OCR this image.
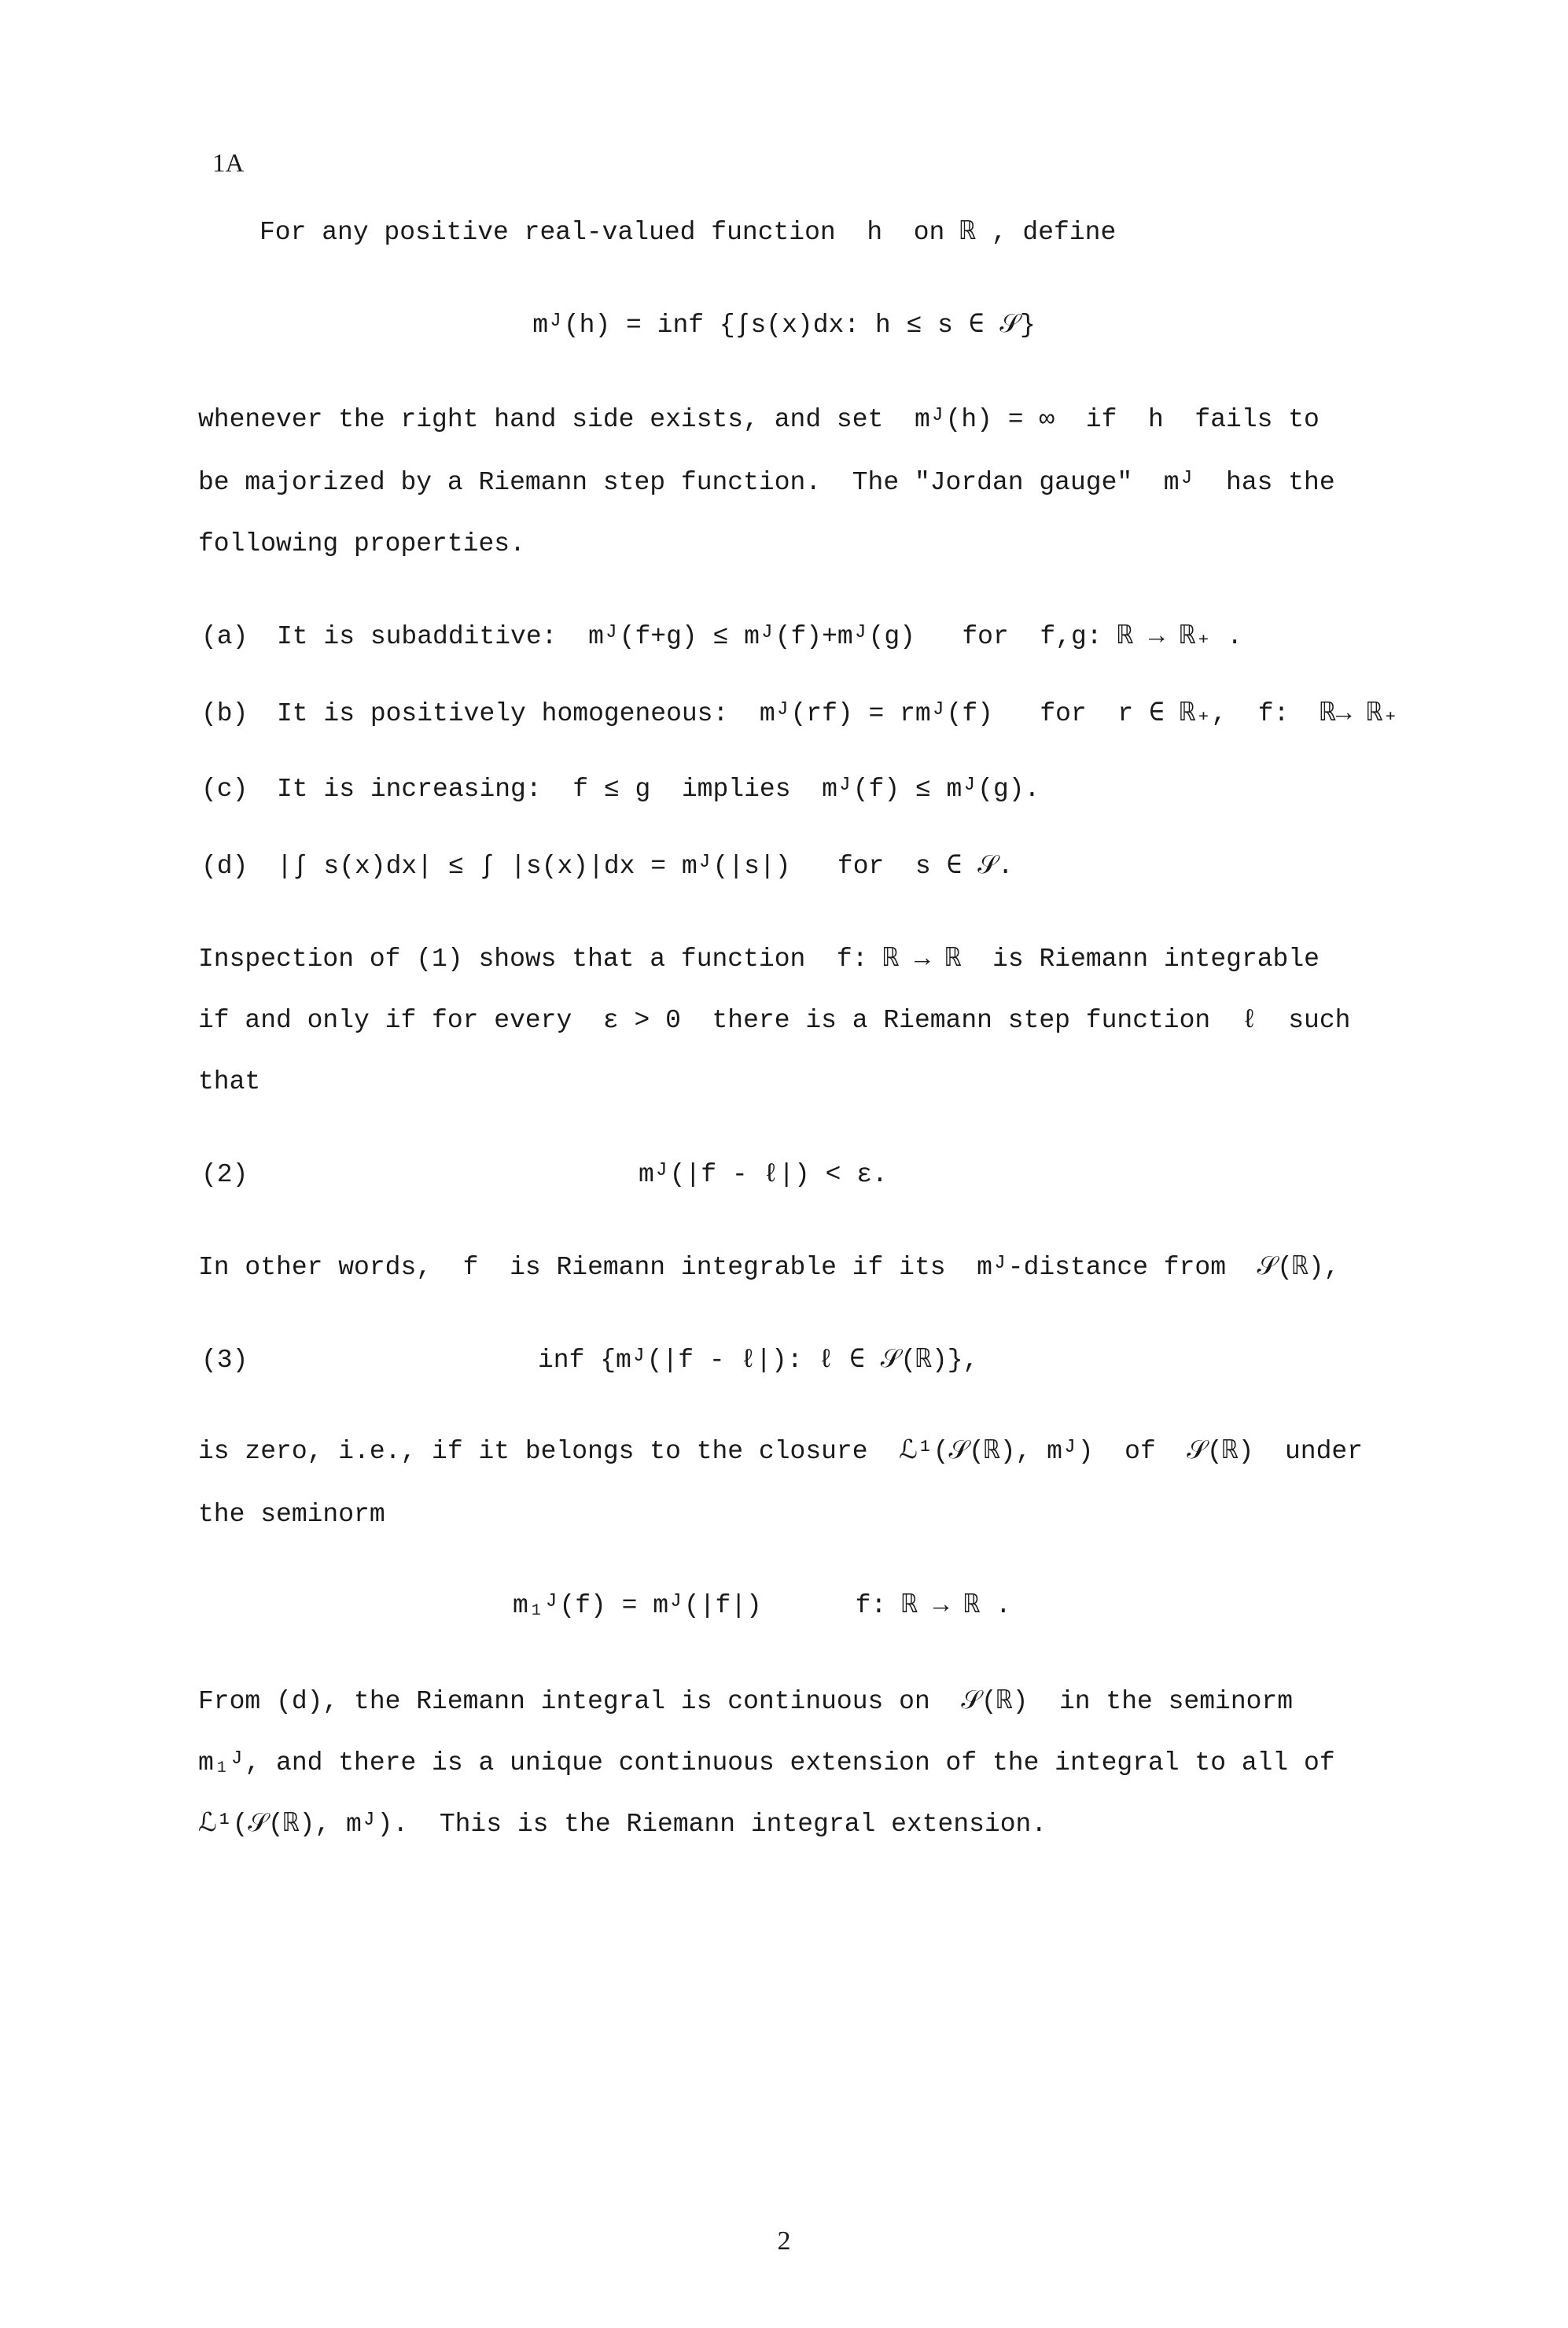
1A
For any positive real-valued function  h  on ℝ , define
mᴶ(h) = inf {∫s(x)dx: h ≤ s ∈ 𝒮}
whenever the right hand side exists, and set  mᴶ(h) = ∞  if  h  fails to
be majorized by a Riemann step function.  The "Jordan gauge"  mᴶ  has the
following properties.
(a) It is subadditive:  mᴶ(f+g) ≤ mᴶ(f)+mᴶ(g)   for  f,g: ℝ → ℝ₊ .
(b) It is positively homogeneous:  mᴶ(rf) = rmᴶ(f)   for  r ∈ ℝ₊,  f:  ℝ→ ℝ₊
(c) It is increasing:  f ≤ g  implies  mᴶ(f) ≤ mᴶ(g).
(d) |∫ s(x)dx| ≤ ∫ |s(x)|dx = mᴶ(|s|)   for  s ∈ 𝒮.
Inspection of (1) shows that a function  f: ℝ → ℝ  is Riemann integrable
if and only if for every  ε > 0  there is a Riemann step function  ℓ  such
that
(2)	mᴶ(|f - ℓ|) < ε.
In other words,  f  is Riemann integrable if its  mᴶ-distance from  𝒮(ℝ),
(3)	inf {mᴶ(|f - ℓ|): ℓ ∈ 𝒮(ℝ)},
is zero, i.e., if it belongs to the closure  ℒ¹(𝒮(ℝ), mᴶ)  of  𝒮(ℝ)  under
the seminorm
m₁ᴶ(f) = mᴶ(|f|)      f: ℝ → ℝ .
From (d), the Riemann integral is continuous on  𝒮(ℝ)  in the seminorm
m₁ᴶ, and there is a unique continuous extension of the integral to all of
ℒ¹(𝒮(ℝ), mᴶ).  This is the Riemann integral extension.
2
